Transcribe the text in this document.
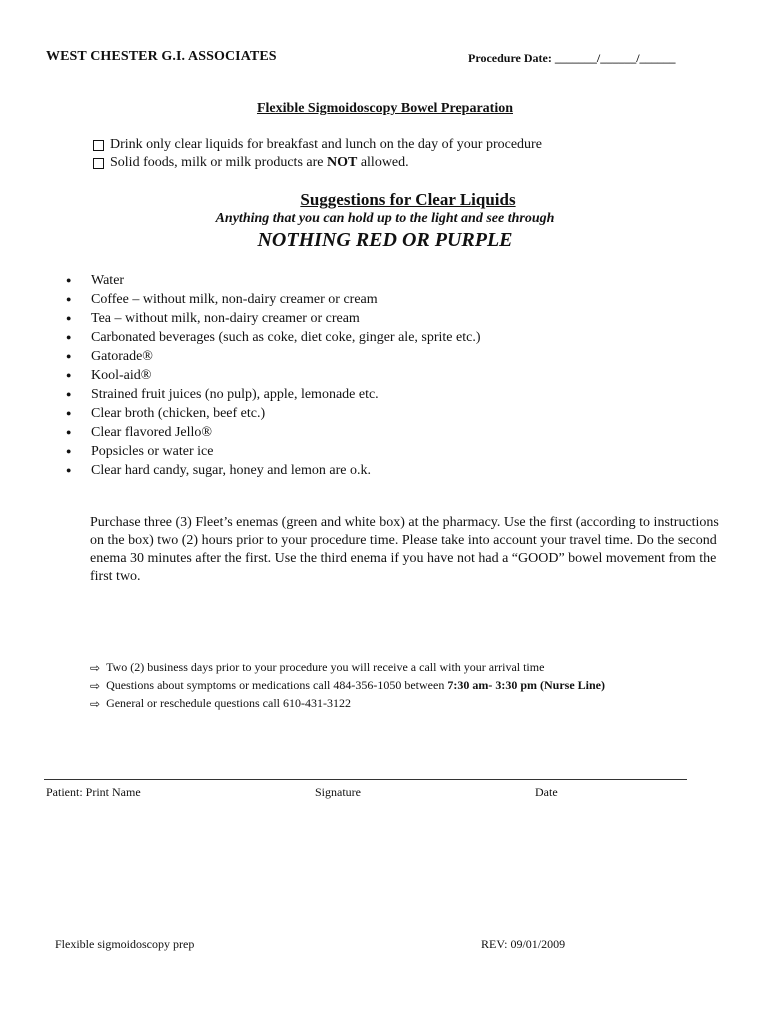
WEST CHESTER G.I. ASSOCIATES	Procedure Date: _______/______/______
Flexible Sigmoidoscopy Bowel Preparation
Drink only clear liquids for breakfast and lunch on the day of your procedure
Solid foods, milk or milk products are NOT allowed.
Suggestions for Clear Liquids
Anything that you can hold up to the light and see through
NOTHING RED OR PURPLE
●	Water
●	Coffee – without milk, non-dairy creamer or cream
●	Tea – without milk, non-dairy creamer or cream
●	Carbonated beverages (such as coke, diet coke, ginger ale, sprite etc.)
●	Gatorade®
●	Kool-aid®
●	Strained fruit juices (no pulp), apple, lemonade etc.
●	Clear broth (chicken, beef etc.)
●	Clear flavored Jello®
●	Popsicles or water ice
●	Clear hard candy, sugar, honey and lemon are o.k.
Purchase three (3) Fleet’s enemas (green and white box) at the pharmacy. Use the first (according to instructions on the box) two (2) hours prior to your procedure time. Please take into account your travel time. Do the second enema 30 minutes after the first. Use the third enema if you have not had a “GOOD” bowel movement from the first two.
⇨ Two (2) business days prior to your procedure you will receive a call with your arrival time
⇨ Questions about symptoms or medications call 484-356-1050 between 7:30 am- 3:30 pm (Nurse Line)
⇨ General or reschedule questions call 610-431-3122
Patient: Print Name	Signature	Date
Flexible sigmoidoscopy prep	REV: 09/01/2009
